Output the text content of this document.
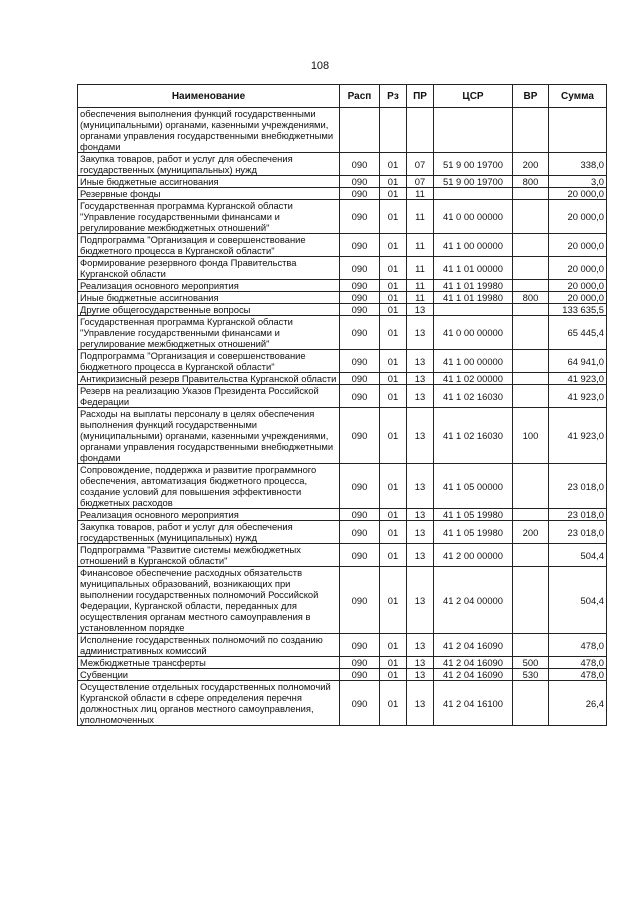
108
Наименование	Расп	Рз	ПР	ЦСР	ВР	Сумма
обеспечения выполнения функций государственными (муниципальными) органами, казенными учреждениями, органами управления государственными внебюджетными фондами						
Закупка товаров, работ и услуг для обеспечения государственных (муниципальных) нужд	090	01	07	51 9 00 19700	200	338,0
Иные бюджетные ассигнования	090	01	07	51 9 00 19700	800	3,0
Резервные фонды	090	01	11			20 000,0
Государственная программа Курганской области "Управление государственными финансами и регулирование межбюджетных отношений"	090	01	11	41 0 00 00000		20 000,0
Подпрограмма "Организация и совершенствование бюджетного процесса в Курганской области"	090	01	11	41 1 00 00000		20 000,0
Формирование резервного фонда Правительства Курганской области	090	01	11	41 1 01 00000		20 000,0
Реализация основного мероприятия	090	01	11	41 1 01 19980		20 000,0
Иные бюджетные ассигнования	090	01	11	41 1 01 19980	800	20 000,0
Другие общегосударственные вопросы	090	01	13			133 635,5
Государственная программа Курганской области "Управление государственными финансами и регулирование межбюджетных отношений"	090	01	13	41 0 00 00000		65 445,4
Подпрограмма "Организация и совершенствование бюджетного процесса в Курганской области"	090	01	13	41 1 00 00000		64 941,0
Антикризисный резерв Правительства Курганской области	090	01	13	41 1 02 00000		41 923,0
Резерв на реализацию Указов Президента Российской Федерации	090	01	13	41 1 02 16030		41 923,0
Расходы на выплаты персоналу в целях обеспечения выполнения функций государственными (муниципальными) органами, казенными учреждениями, органами управления государственными внебюджетными фондами	090	01	13	41 1 02 16030	100	41 923,0
Сопровождение, поддержка и развитие программного обеспечения, автоматизация бюджетного процесса, создание условий для повышения эффективности бюджетных расходов	090	01	13	41 1 05 00000		23 018,0
Реализация основного мероприятия	090	01	13	41 1 05 19980		23 018,0
Закупка товаров, работ и услуг для обеспечения государственных (муниципальных) нужд	090	01	13	41 1 05 19980	200	23 018,0
Подпрограмма "Развитие системы межбюджетных отношений в Курганской области"	090	01	13	41 2 00 00000		504,4
Финансовое обеспечение расходных обязательств муниципальных образований, возникающих при выполнении государственных полномочий Российской Федерации, Курганской области, переданных для осуществления органам местного самоуправления в установленном порядке	090	01	13	41 2 04 00000		504,4
Исполнение государственных полномочий по созданию административных комиссий	090	01	13	41 2 04 16090		478,0
Межбюджетные трансферты	090	01	13	41 2 04 16090	500	478,0
Субвенции	090	01	13	41 2 04 16090	530	478,0
Осуществление отдельных государственных полномочий Курганской области в сфере определения перечня должностных лиц органов местного самоуправления, уполномоченных	090	01	13	41 2 04 16100		26,4
